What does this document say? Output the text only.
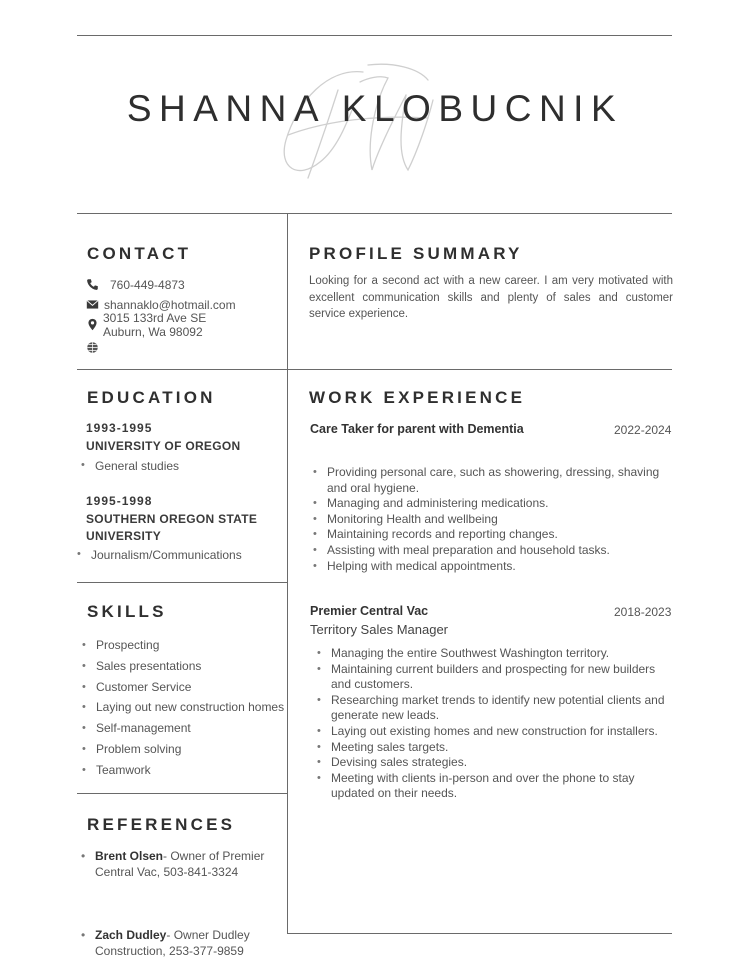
SHANNA KLOBUCNIK
CONTACT
760-449-4873
shannaklo@hotmail.com
3015 133rd Ave SE
Auburn, Wa 98092
PROFILE SUMMARY
Looking for a second act with a new career. I am very motivated with excellent communication skills and plenty of sales and customer service experience.
EDUCATION
1993-1995
UNIVERSITY OF OREGON
• General studies
1995-1998
SOUTHERN OREGON STATE
UNIVERSITY
• Journalism/Communications
SKILLS
• Prospecting
• Sales presentations
• Customer Service
• Laying out new construction homes
• Self-management
• Problem solving
• Teamwork
REFERENCES
• Brent Olsen- Owner of Premier
Central Vac, 503-841-3324
• Zach Dudley- Owner Dudley
Construction, 253-377-9859
WORK EXPERIENCE
Care Taker for parent with Dementia	2022-2024
• Providing personal care, such as showering, dressing, shaving and oral hygiene.
• Managing and administering medications.
• Monitoring Health and wellbeing
• Maintaining records and reporting changes.
• Assisting with meal preparation and household tasks.
• Helping with medical appointments.
Premier Central Vac	2018-2023
Territory Sales Manager
• Managing the entire Southwest Washington territory.
• Maintaining current builders and prospecting for new builders and customers.
• Researching market trends to identify new potential clients and generate new leads.
• Laying out existing homes and new construction for installers.
• Meeting sales targets.
• Devising sales strategies.
• Meeting with clients in-person and over the phone to stay updated on their needs.
